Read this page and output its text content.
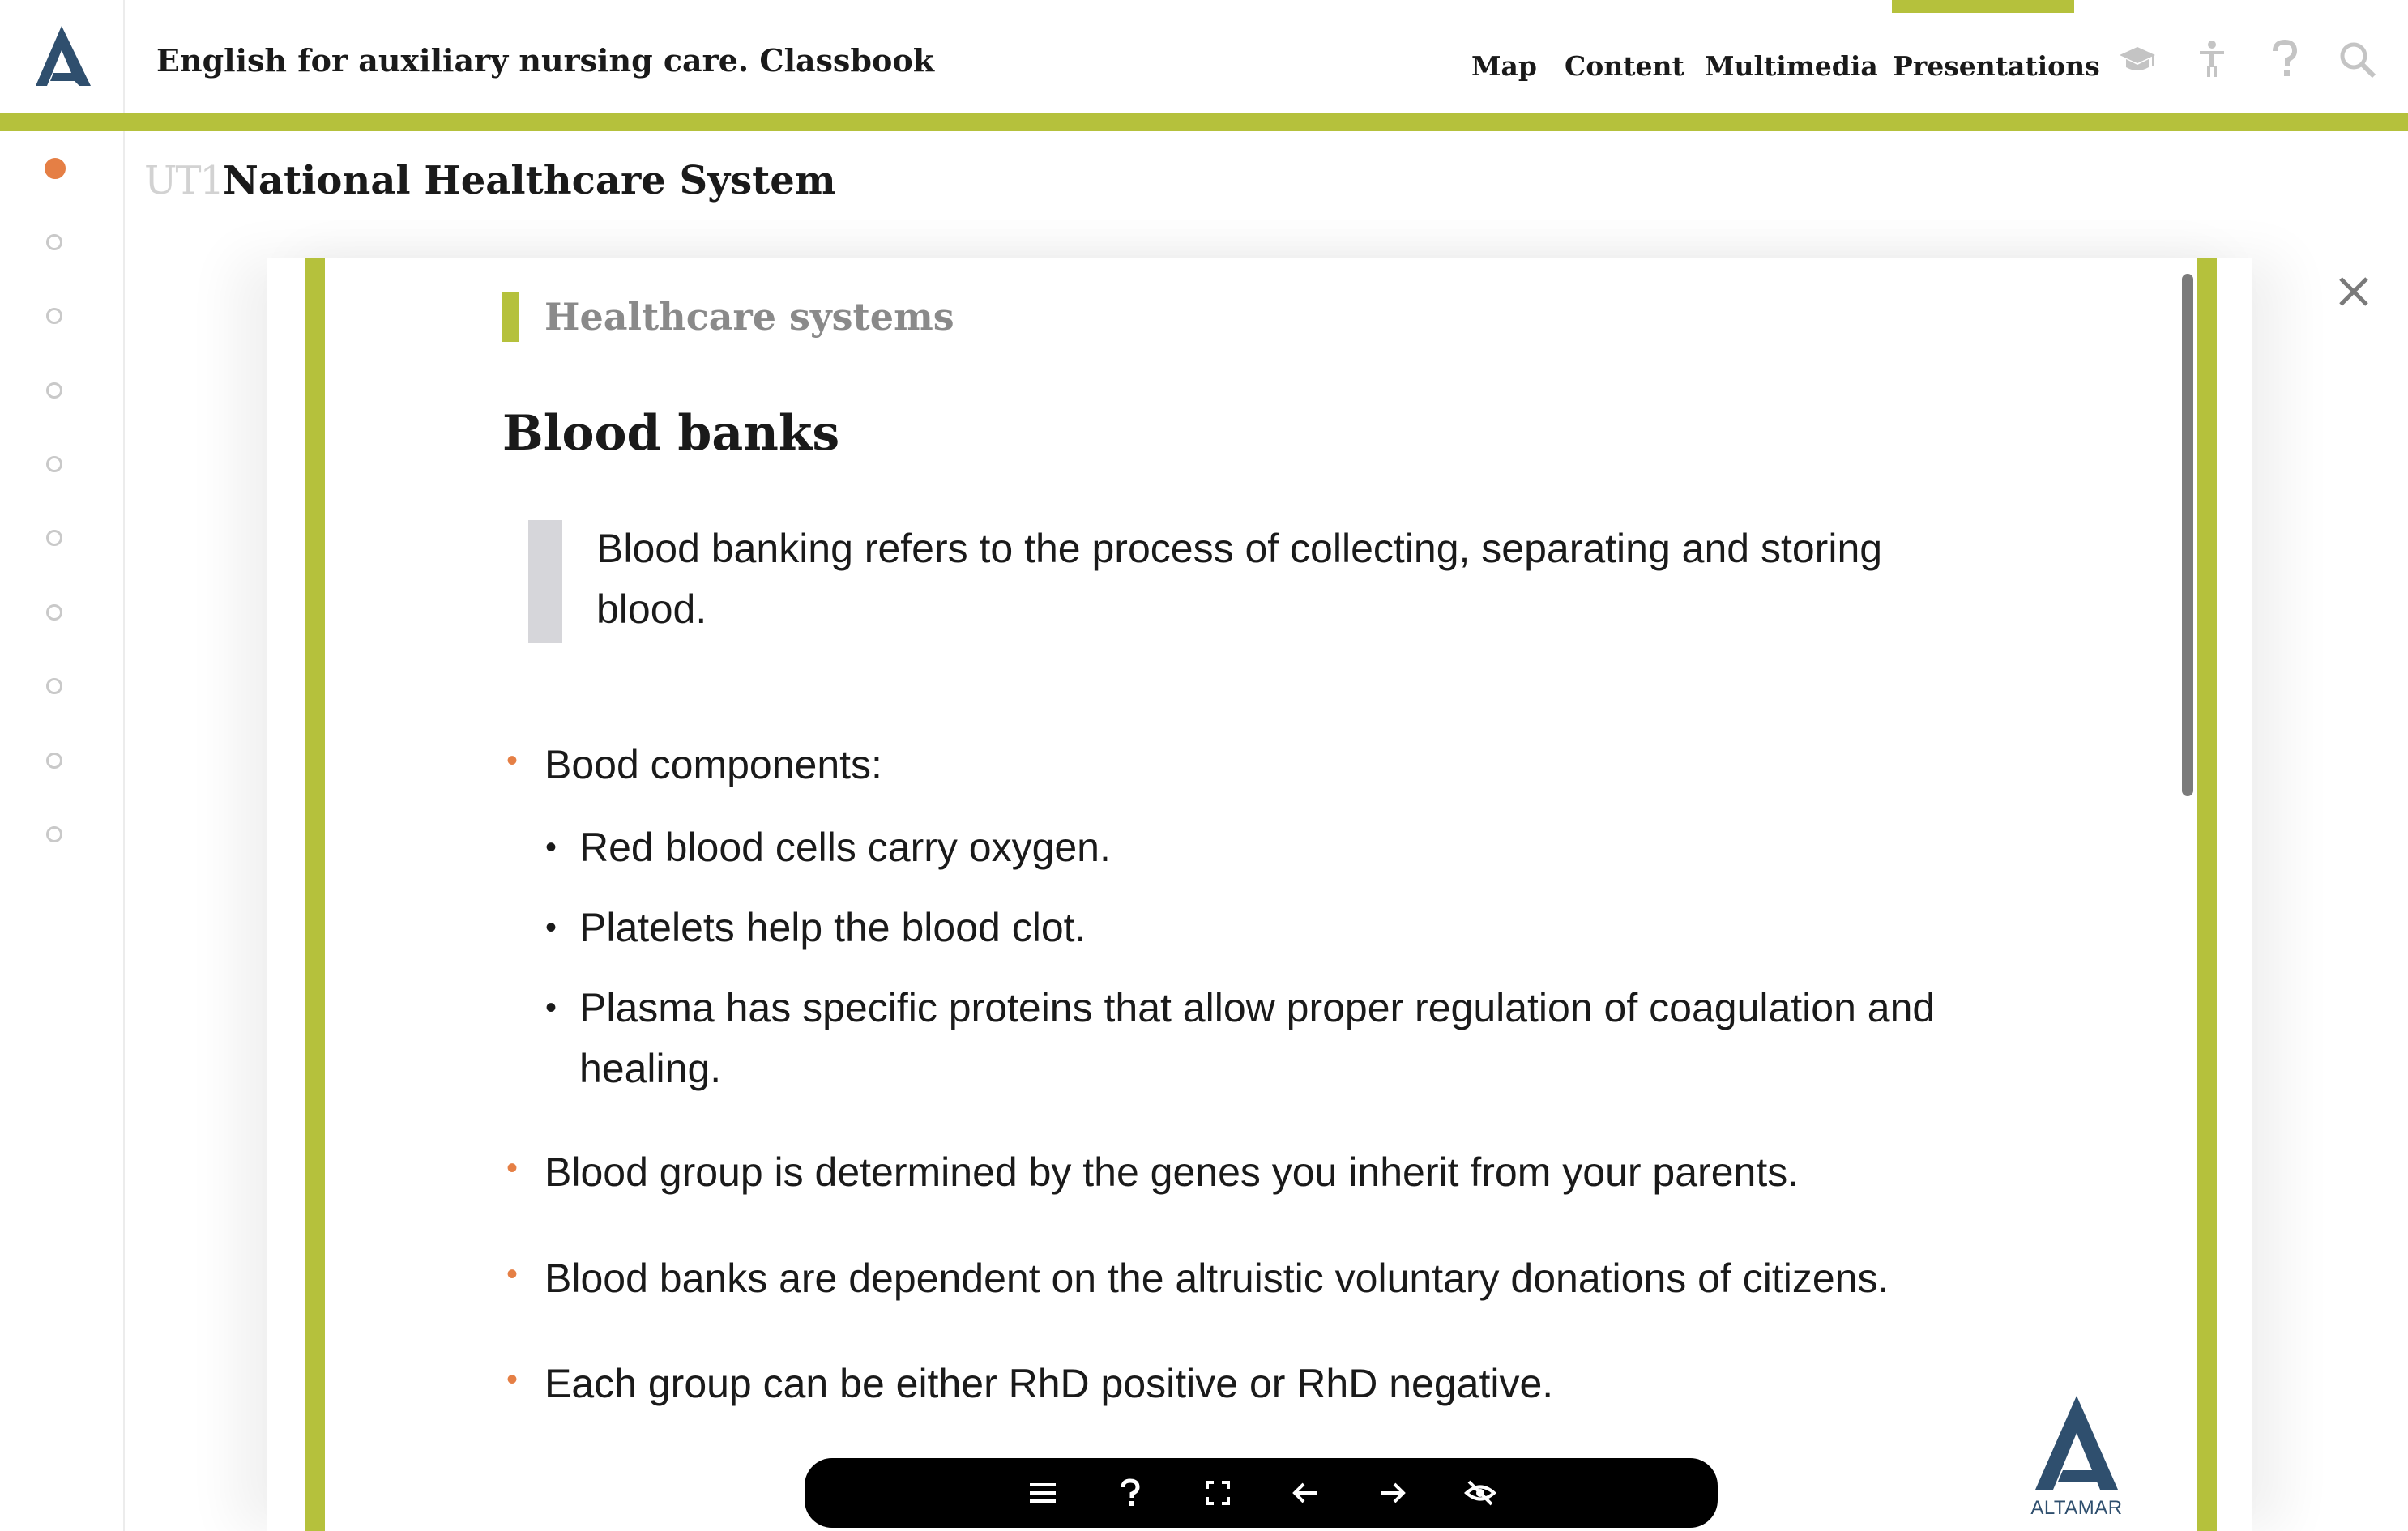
English for auxiliary nursing care. Classbook	Map Content Multimedia Presentations
UT1National Healthcare System
Healthcare systems
Blood banks
Blood banking refers to the process of collecting, separating and storing blood.
• Bood components:
• Red blood cells carry oxygen.
• Platelets help the blood clot.
• Plasma has specific proteins that allow proper regulation of coagulation and healing.
• Blood group is determined by the genes you inherit from your parents.
• Blood banks are dependent on the altruistic voluntary donations of citizens.
• Each group can be either RhD positive or RhD negative.
ALTAMAR
